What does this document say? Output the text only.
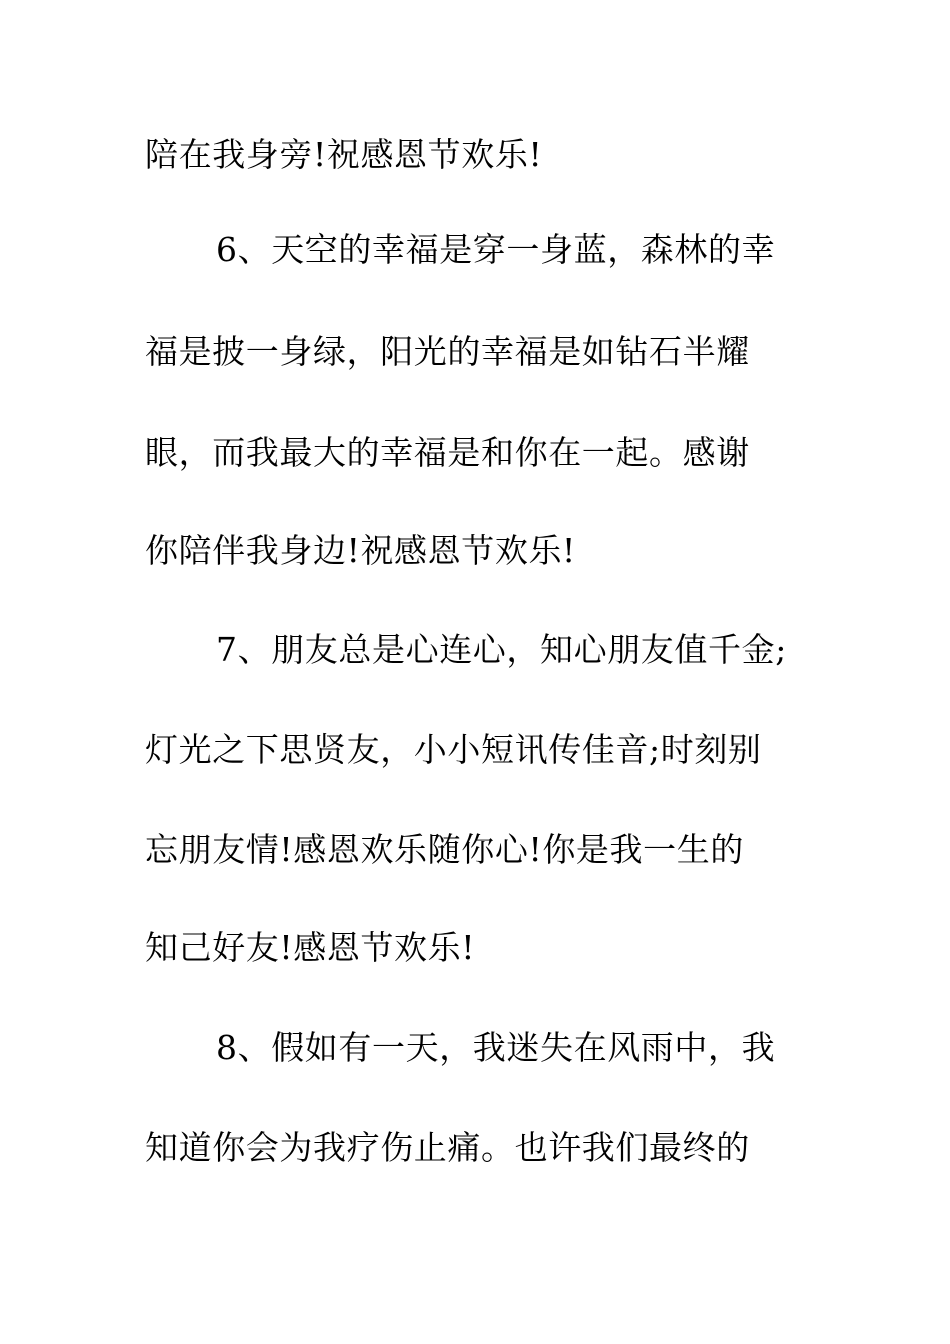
陪在我身旁!祝感恩节欢乐!
6、天空的幸福是穿一身蓝，森林的幸
福是披一身绿，阳光的幸福是如钻石半耀
眼，而我最大的幸福是和你在一起。感谢
你陪伴我身边!祝感恩节欢乐!
7、朋友总是心连心，知心朋友值千金;
灯光之下思贤友，小小短讯传佳音;时刻别
忘朋友情!感恩欢乐随你心!你是我一生的
知己好友!感恩节欢乐!
8、假如有一天，我迷失在风雨中，我
知道你会为我疗伤止痛。也许我们最终的
